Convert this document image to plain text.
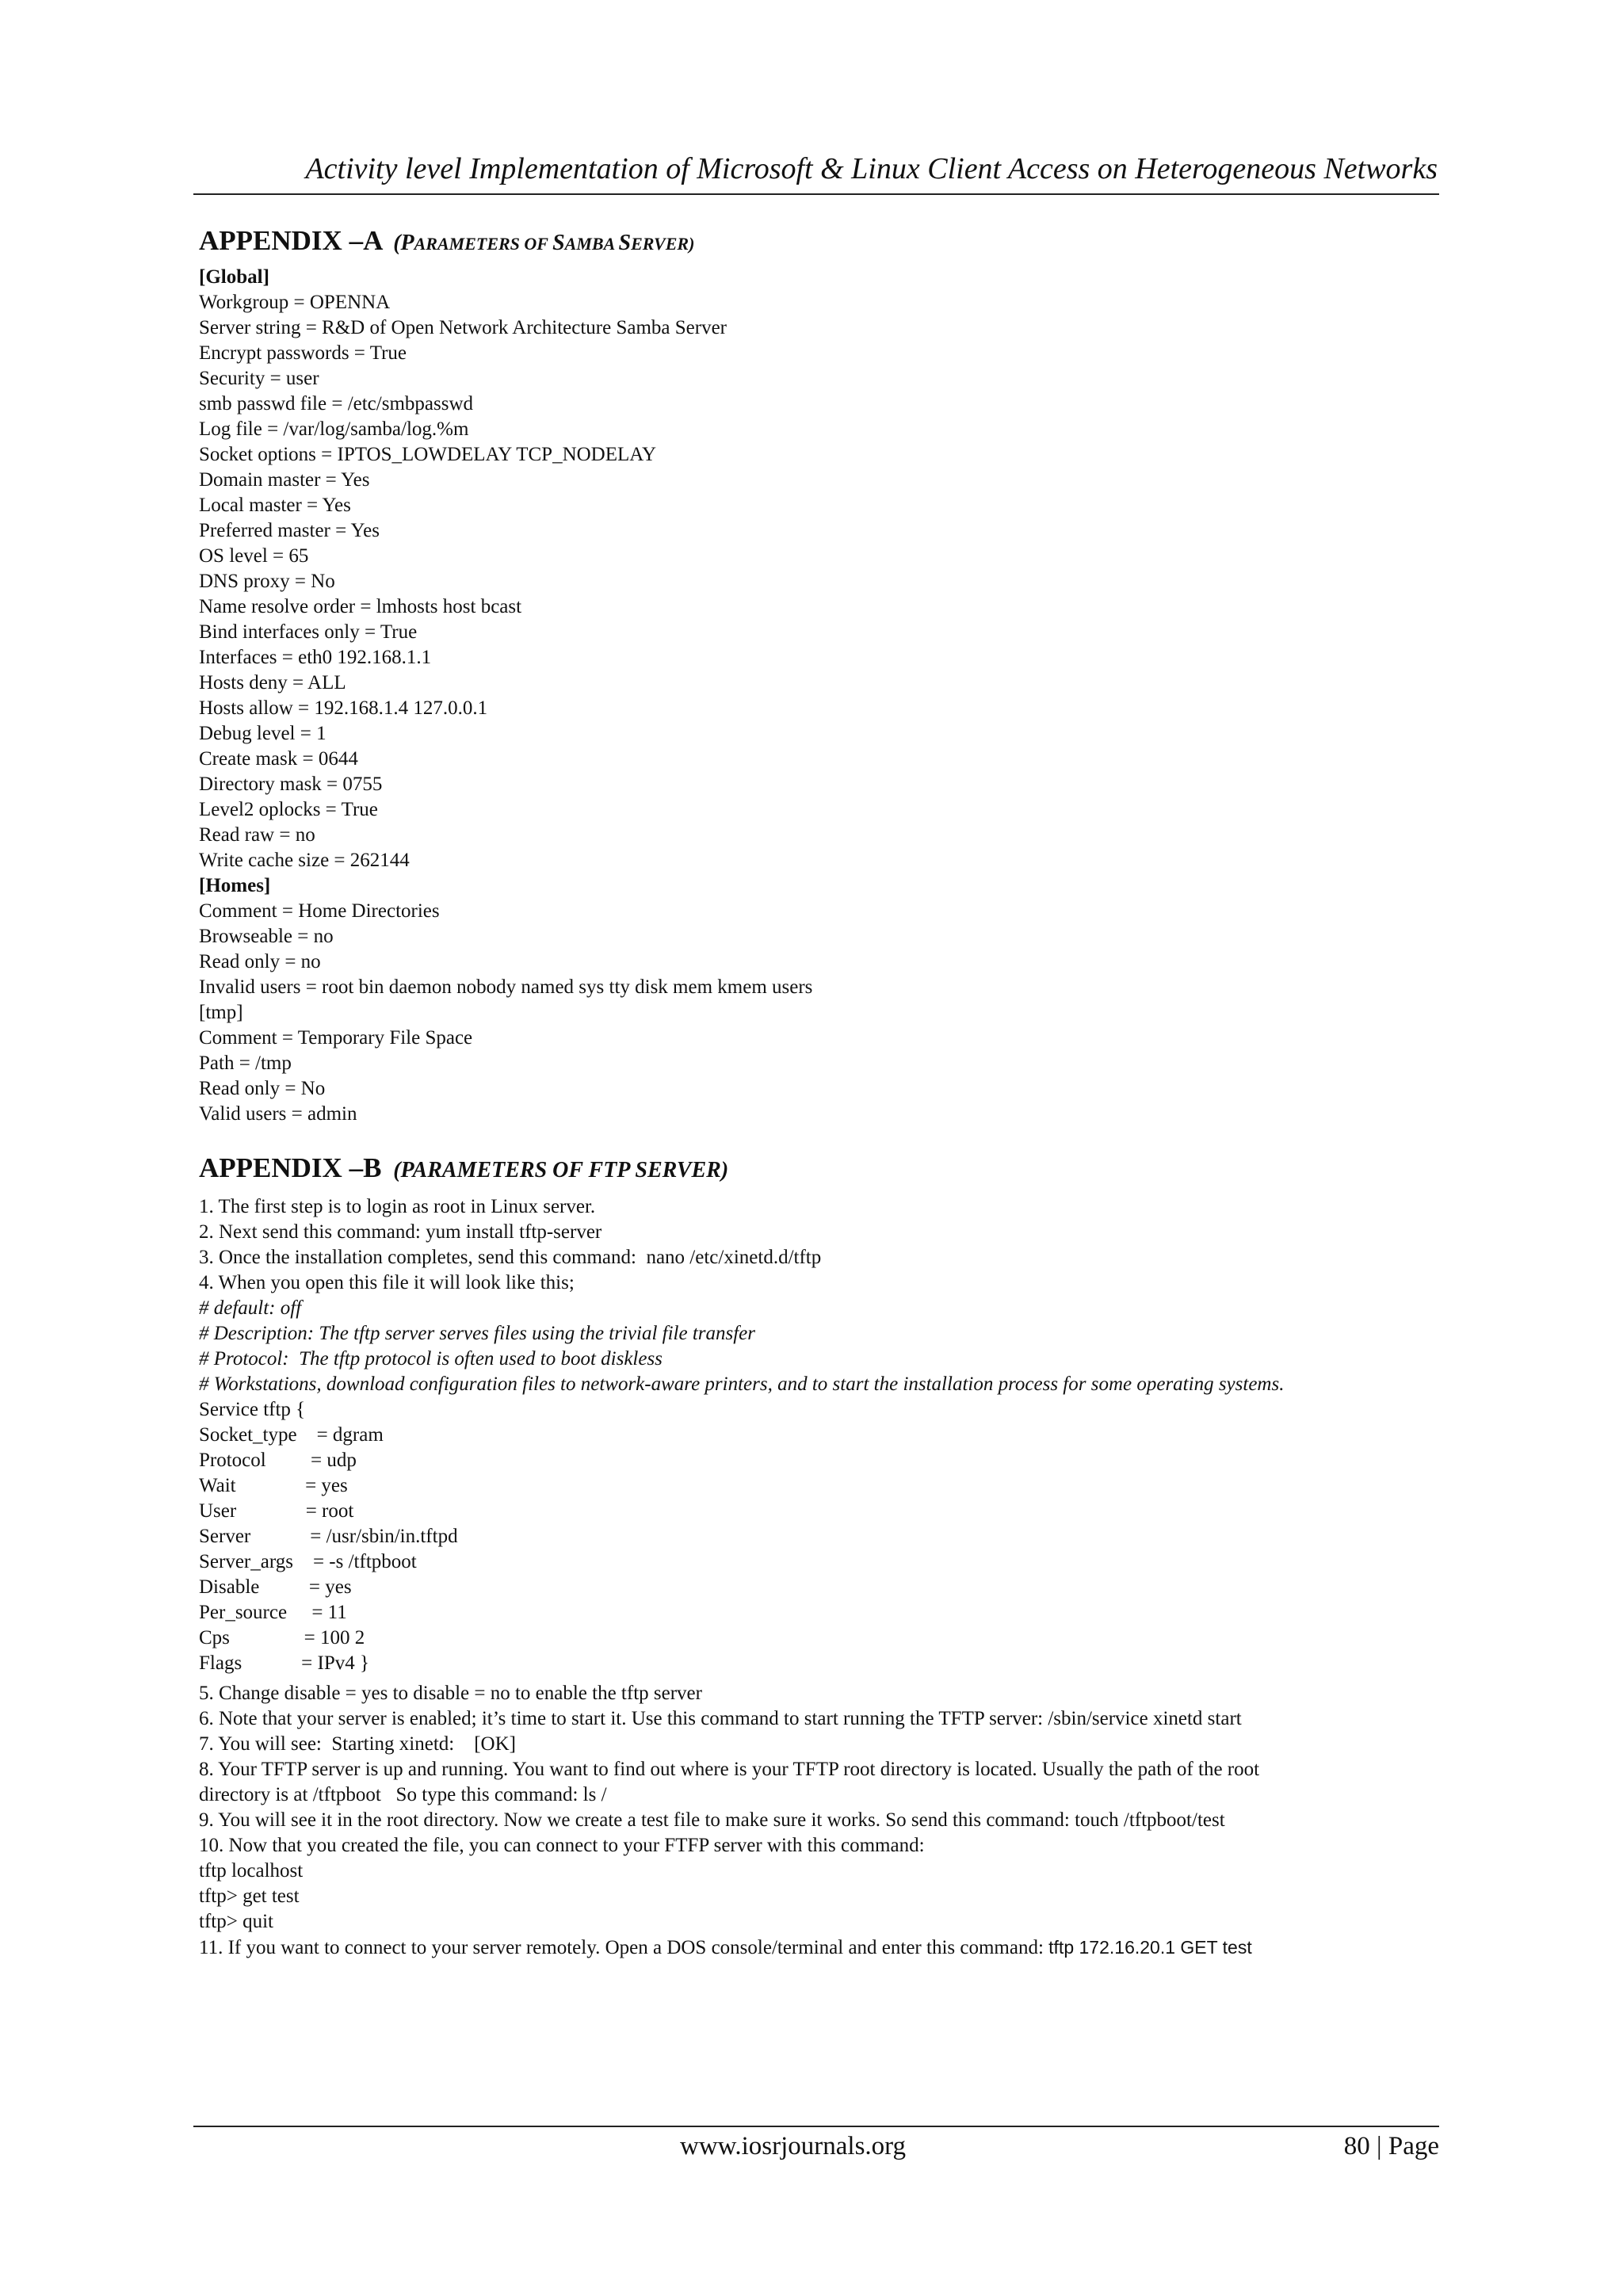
Activity level Implementation of Microsoft & Linux Client Access on Heterogeneous Networks
APPENDIX –A (PARAMETERS OF SAMBA SERVER)
[Global]
Workgroup = OPENNA
Server string = R&D of Open Network Architecture Samba Server
Encrypt passwords = True
Security = user
smb passwd file = /etc/smbpasswd
Log file = /var/log/samba/log.%m
Socket options = IPTOS_LOWDELAY TCP_NODELAY
Domain master = Yes
Local master = Yes
Preferred master = Yes
OS level = 65
DNS proxy = No
Name resolve order = lmhosts host bcast
Bind interfaces only = True
Interfaces = eth0 192.168.1.1
Hosts deny = ALL
Hosts allow = 192.168.1.4 127.0.0.1
Debug level = 1
Create mask = 0644
Directory mask = 0755
Level2 oplocks = True
Read raw = no
Write cache size = 262144
[Homes]
Comment = Home Directories
Browseable = no
Read only = no
Invalid users = root bin daemon nobody named sys tty disk mem kmem users
[tmp]
Comment = Temporary File Space
Path = /tmp
Read only = No
Valid users = admin
APPENDIX –B (PARAMETERS OF FTP SERVER)
1. The first step is to login as root in Linux server.
2. Next send this command: yum install tftp-server
3. Once the installation completes, send this command:  nano /etc/xinetd.d/tftp
4. When you open this file it will look like this;
# default: off
# Description: The tftp server serves files using the trivial file transfer
# Protocol:  The tftp protocol is often used to boot diskless
# Workstations, download configuration files to network-aware printers, and to start the installation process for some operating systems.
Service tftp {
Socket_type    = dgram
Protocol         = udp
Wait              = yes
User              = root
Server            = /usr/sbin/in.tftpd
Server_args    = -s /tftpboot
Disable          = yes
Per_source     = 11
Cps               = 100 2
Flags            = IPv4 }
5. Change disable = yes to disable = no to enable the tftp server
6. Note that your server is enabled; it’s time to start it. Use this command to start running the TFTP server: /sbin/service xinetd start
7. You will see:  Starting xinetd:    [OK]
8. Your TFTP server is up and running. You want to find out where is your TFTP root directory is located. Usually the path of the root
directory is at /tftpboot   So type this command: ls /
9. You will see it in the root directory. Now we create a test file to make sure it works. So send this command: touch /tftpboot/test
10. Now that you created the file, you can connect to your FTFP server with this command:
tftp localhost
tftp> get test
tftp> quit
11. If you want to connect to your server remotely. Open a DOS console/terminal and enter this command: tftp 172.16.20.1 GET test
www.iosrjournals.org	80 | Page
